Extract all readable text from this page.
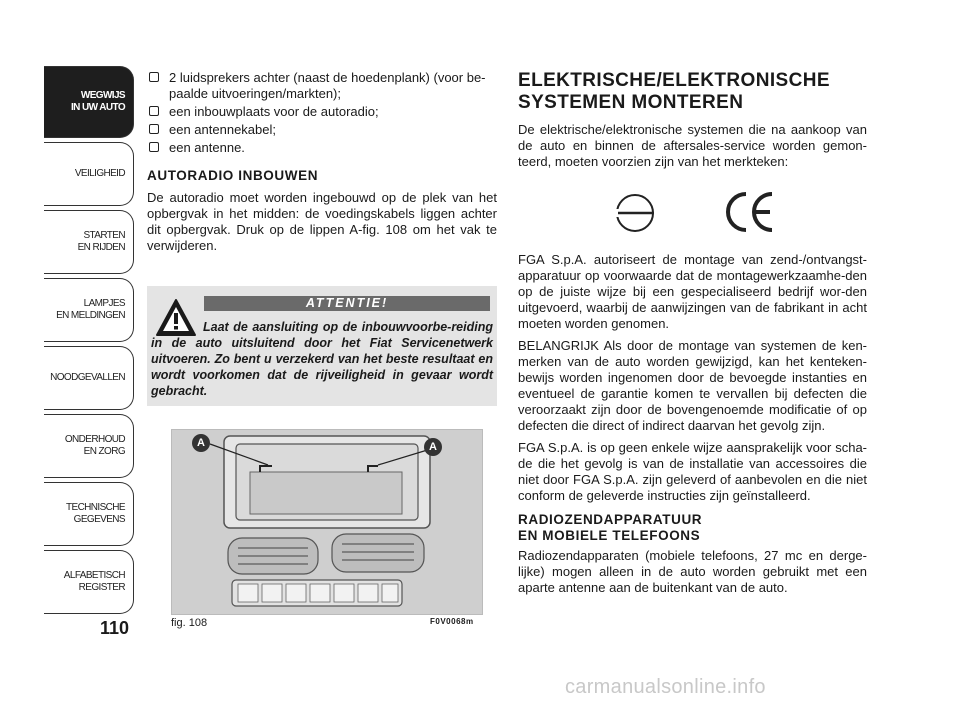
WEGWIJS
IN UW AUTO
VEILIGHEID
STARTEN
EN RIJDEN
LAMPJES
EN MELDINGEN
NOODGEVALLEN
ONDERHOUD
EN ZORG
TECHNISCHE
GEGEVENS
ALFABETISCH
REGISTER
110
2 luidsprekers achter (naast de hoedenplank) (voor be-paalde uitvoeringen/markten);
een inbouwplaats voor de autoradio;
een antennekabel;
een antenne.
AUTORADIO INBOUWEN

De autoradio moet worden ingebouwd op de plek van het opbergvak in het midden: de voedingskabels liggen achter dit opbergvak. Druk op de lippen A-fig. 108 om het vak te verwijderen.

ATTENTIE!
Laat de aansluiting op de inbouwvoorbe-reiding in de auto uitsluitend door het Fiat Servicenetwerk uitvoeren. Zo bent u verzekerd van het beste resultaat en wordt voorkomen dat de rijveiligheid in gevaar wordt gebracht.
A	A
fig. 108	F0V0068m
ELEKTRISCHE/ELEKTRONISCHE SYSTEMEN MONTEREN

De elektrische/elektronische systemen die na aankoop van de auto en binnen de aftersales-service worden gemon-teerd, moeten voorzien zijn van het merkteken:

FGA S.p.A. autoriseert de montage van zend-/ontvangst-apparatuur op voorwaarde dat de montagewerkzaamhe-den op de juiste wijze bij een gespecialiseerd bedrijf wor-den uitgevoerd, waarbij de aanwijzingen van de fabrikant in acht moeten worden genomen.

BELANGRIJK Als door de montage van systemen de ken-merken van de auto worden gewijzigd, kan het kenteken-bewijs worden ingenomen door de bevoegde instanties en eventueel de garantie komen te vervallen bij defecten die veroorzaakt zijn door de bovengenoemde modificatie of op defecten die direct of indirect daarvan het gevolg zijn.

FGA S.p.A. is op geen enkele wijze aansprakelijk voor scha-de die het gevolg is van de installatie van accessoires die niet door FGA S.p.A. zijn geleverd of aanbevolen en die niet conform de geleverde instructies zijn geïnstalleerd.

RADIOZENDAPPARATUUR
EN MOBIELE TELEFOONS

Radiozendapparaten (mobiele telefoons, 27 mc en derge-lijke) mogen alleen in de auto worden gebruikt met een aparte antenne aan de buitenkant van de auto.

carmanualsonline.info
